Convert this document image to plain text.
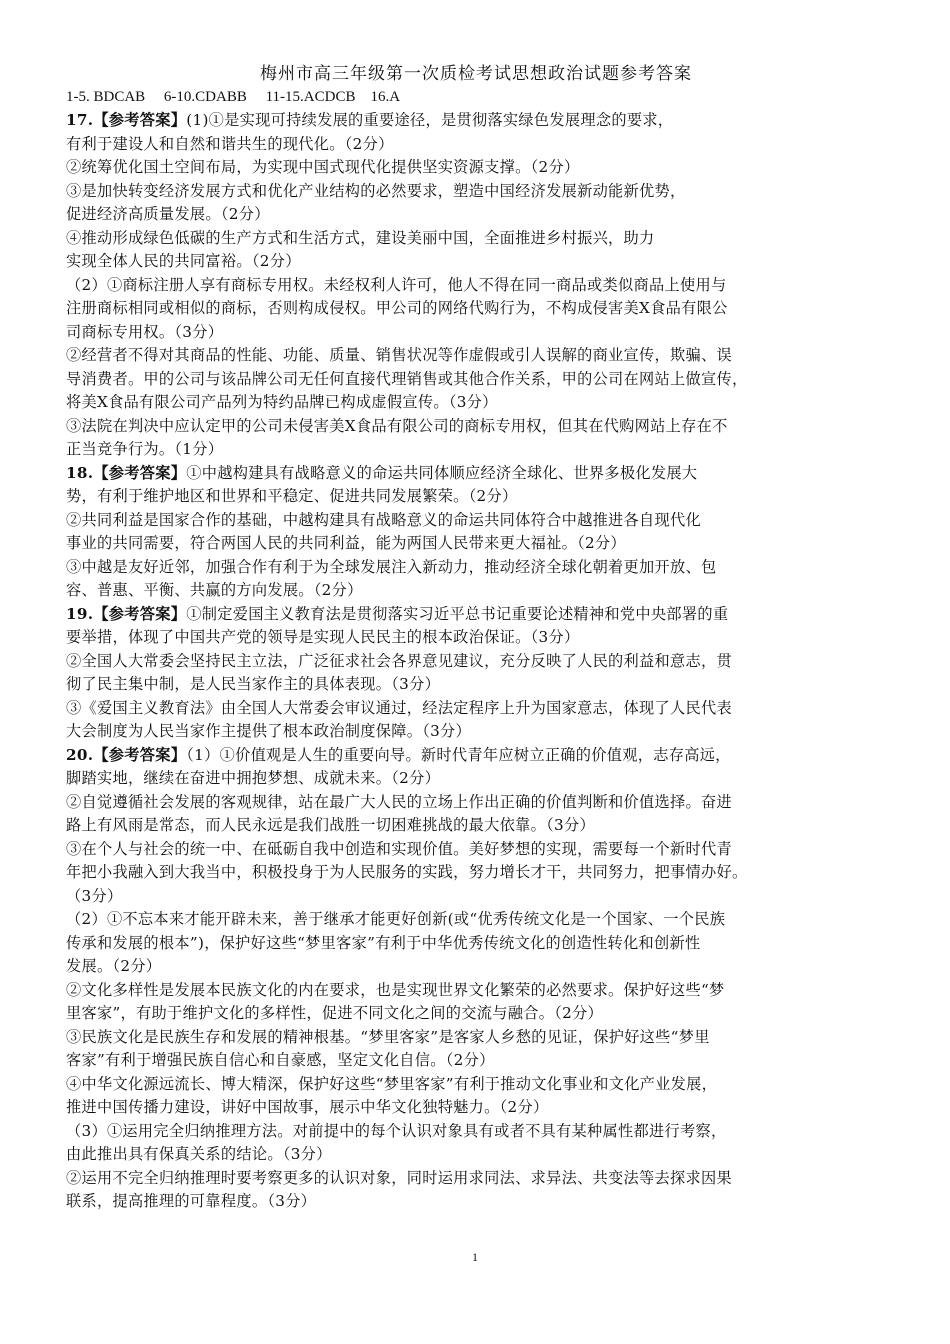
梅州市高三年级第一次质检考试思想政治试题参考答案
1-5. BDCAB     6-10.CDABB     11-15.ACDCB    16.A
17.【参考答案】(1)①是实现可持续发展的重要途径，是贯彻落实绿色发展理念的要求，
有利于建设人和自然和谐共生的现代化。（2分）
②统筹优化国土空间布局，为实现中国式现代化提供坚实资源支撑。（2分）
③是加快转变经济发展方式和优化产业结构的必然要求，塑造中国经济发展新动能新优势，
促进经济高质量发展。（2分）
④推动形成绿色低碳的生产方式和生活方式，建设美丽中国，全面推进乡村振兴，助力
实现全体人民的共同富裕。（2分）
（2）①商标注册人享有商标专用权。未经权利人许可，他人不得在同一商品或类似商品上使用与
注册商标相同或相似的商标，否则构成侵权。甲公司的网络代购行为，不构成侵害美X食品有限公
司商标专用权。（3分）
②经营者不得对其商品的性能、功能、质量、销售状况等作虚假或引人误解的商业宣传，欺骗、误
导消费者。甲的公司与该品牌公司无任何直接代理销售或其他合作关系，甲的公司在网站上做宣传，
将美X食品有限公司产品列为特约品牌已构成虚假宣传。（3分）
③法院在判决中应认定甲的公司未侵害美X食品有限公司的商标专用权，但其在代购网站上存在不
正当竞争行为。（1分）
18.【参考答案】①中越构建具有战略意义的命运共同体顺应经济全球化、世界多极化发展大
势，有利于维护地区和世界和平稳定、促进共同发展繁荣。（2分）
②共同利益是国家合作的基础，中越构建具有战略意义的命运共同体符合中越推进各自现代化
事业的共同需要，符合两国人民的共同利益，能为两国人民带来更大福祉。（2分）
③中越是友好近邻，加强合作有利于为全球发展注入新动力，推动经济全球化朝着更加开放、包
容、普惠、平衡、共赢的方向发展。（2分）
19.【参考答案】①制定爱国主义教育法是贯彻落实习近平总书记重要论述精神和党中央部署的重
要举措，体现了中国共产党的领导是实现人民民主的根本政治保证。（3分）
②全国人大常委会坚持民主立法，广泛征求社会各界意见建议，充分反映了人民的利益和意志，贯
彻了民主集中制，是人民当家作主的具体表现。（3分）
③《爱国主义教育法》由全国人大常委会审议通过，经法定程序上升为国家意志，体现了人民代表
大会制度为人民当家作主提供了根本政治制度保障。（3分）
20.【参考答案】（1）①价值观是人生的重要向导。新时代青年应树立正确的价值观，志存高远，
脚踏实地，继续在奋进中拥抱梦想、成就未来。（2分）
②自觉遵循社会发展的客观规律，站在最广大人民的立场上作出正确的价值判断和价值选择。奋进
路上有风雨是常态，而人民永远是我们战胜一切困难挑战的最大依靠。（3分）
③在个人与社会的统一中、在砥砺自我中创造和实现价值。美好梦想的实现，需要每一个新时代青
年把小我融入到大我当中，积极投身于为人民服务的实践，努力增长才干，共同努力，把事情办好。
（3分）
（2）①不忘本来才能开辟未来，善于继承才能更好创新(或“优秀传统文化是一个国家、一个民族
传承和发展的根本”)，保护好这些“梦里客家”有利于中华优秀传统文化的创造性转化和创新性
发展。（2分）
②文化多样性是发展本民族文化的内在要求，也是实现世界文化繁荣的必然要求。保护好这些“梦
里客家”，有助于维护文化的多样性，促进不同文化之间的交流与融合。（2分）
③民族文化是民族生存和发展的精神根基。“梦里客家”是客家人乡愁的见证，保护好这些“梦里
客家”有利于增强民族自信心和自豪感，坚定文化自信。（2分）
④中华文化源远流长、博大精深，保护好这些“梦里客家”有利于推动文化事业和文化产业发展，
推进中国传播力建设，讲好中国故事，展示中华文化独特魅力。（2分）
（3）①运用完全归纳推理方法。对前提中的每个认识对象具有或者不具有某种属性都进行考察，
由此推出具有保真关系的结论。（3分）
②运用不完全归纳推理时要考察更多的认识对象，同时运用求同法、求异法、共变法等去探求因果
联系，提高推理的可靠程度。（3分）
1
